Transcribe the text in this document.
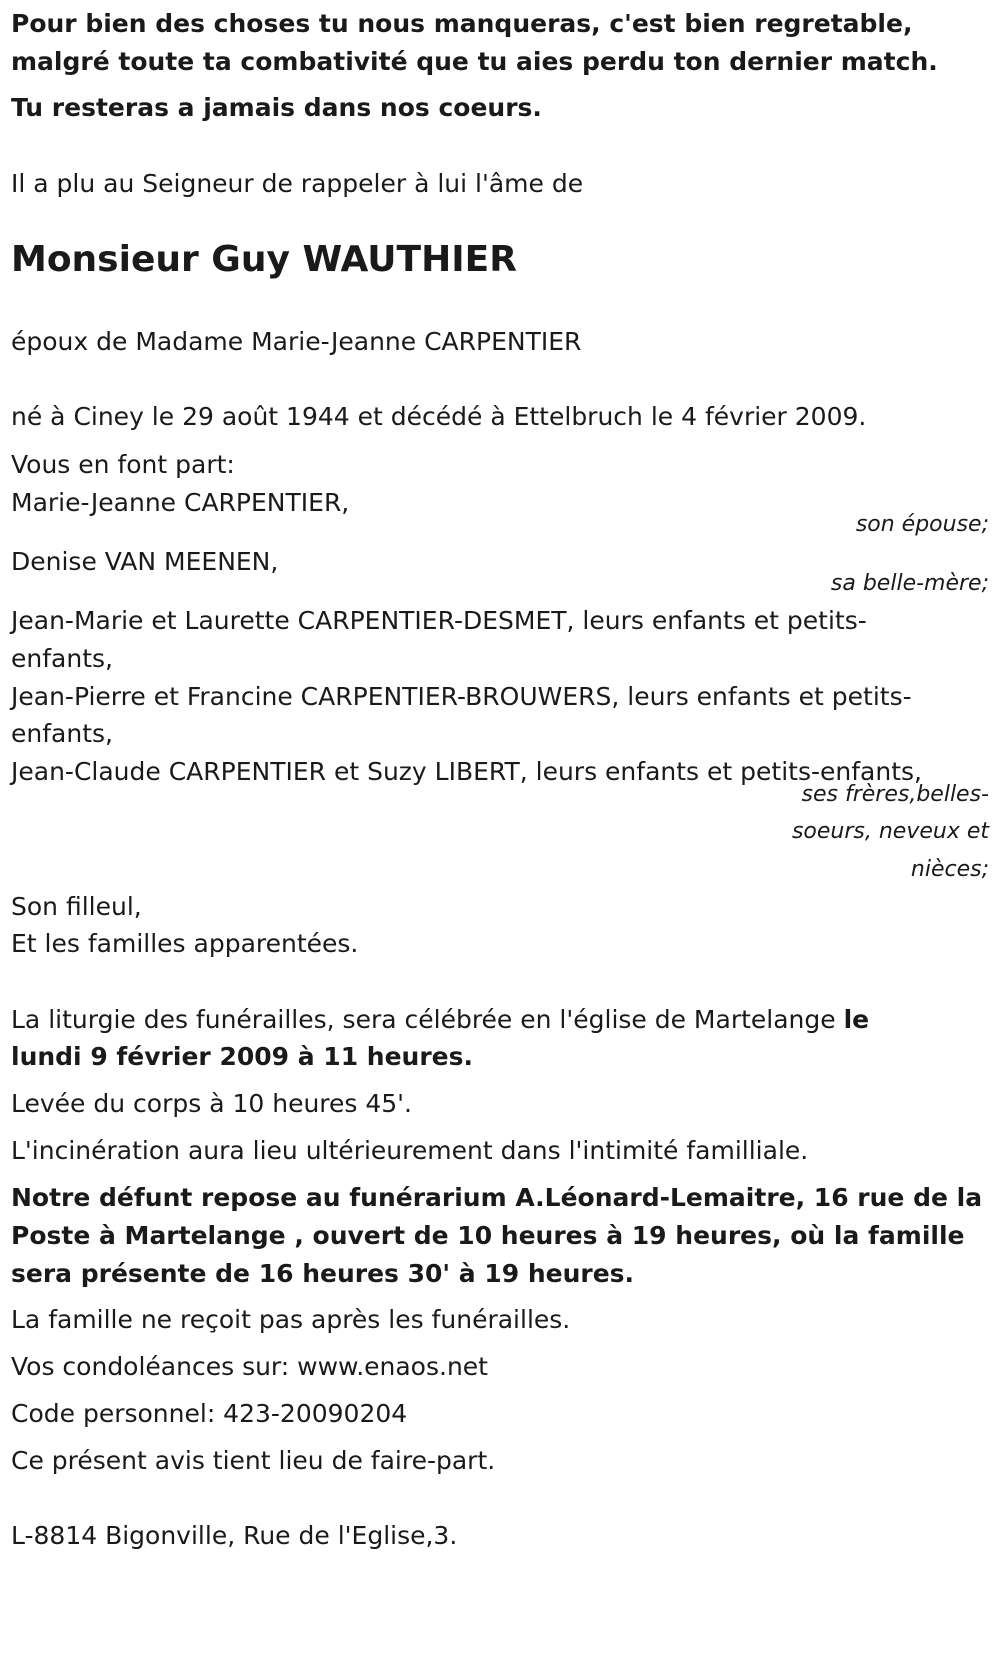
Pour bien des choses tu nous manqueras, c'est bien regretable,
malgré toute ta combativité que tu aies perdu ton dernier match.
Tu resteras a jamais dans nos coeurs.
Il a plu au Seigneur de rappeler à lui l'âme de
Monsieur Guy WAUTHIER
époux de Madame Marie-Jeanne CARPENTIER
né à Ciney le 29 août 1944 et décédé à Ettelbruch le 4 février 2009.
Vous en font part:
Marie-Jeanne CARPENTIER,
son épouse;
Denise VAN MEENEN,
sa belle-mère;
Jean-Marie et Laurette CARPENTIER-DESMET, leurs enfants et petits-
enfants,
Jean-Pierre et Francine CARPENTIER-BROUWERS, leurs enfants et petits-
enfants,
Jean-Claude CARPENTIER et Suzy LIBERT, leurs enfants et petits-enfants,
ses frères,belles-
soeurs, neveux et
nièces;
Son filleul,
Et les familles apparentées.
La liturgie des funérailles, sera célébrée en l'église de Martelange le
lundi 9 février 2009 à 11 heures.
Levée du corps à 10 heures 45'.
L'incinération aura lieu ultérieurement dans l'intimité familliale.
Notre défunt repose au funérarium A.Léonard-Lemaitre, 16 rue de la
Poste à Martelange , ouvert de 10 heures à 19 heures, où la famille
sera présente de 16 heures 30' à 19 heures.
La famille ne reçoit pas après les funérailles.
Vos condoléances sur: www.enaos.net
Code personnel: 423-20090204
Ce présent avis tient lieu de faire-part.
L-8814 Bigonville, Rue de l'Eglise,3.
